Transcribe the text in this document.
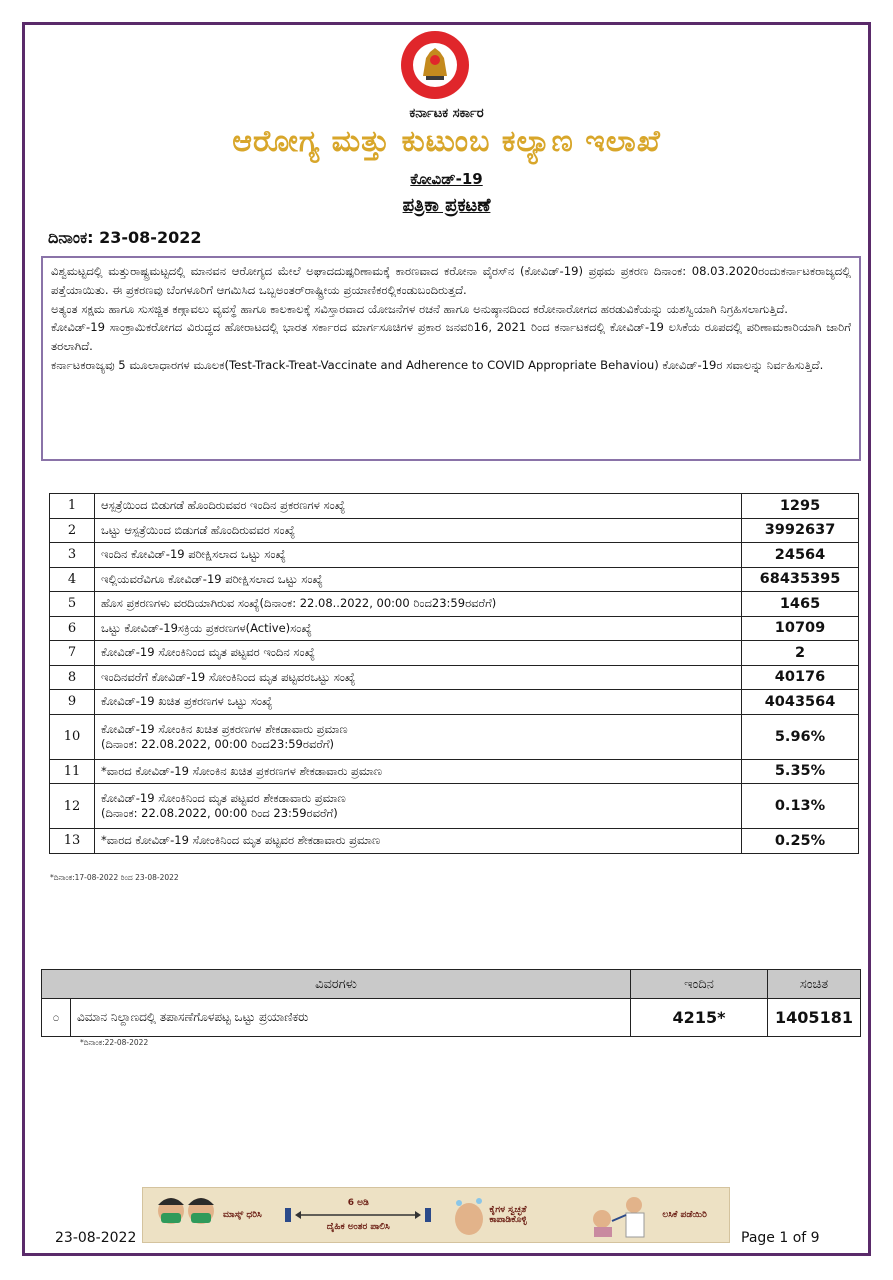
ಕರ್ನಾಟಕ ಸರ್ಕಾರ
ಆರೋಗ್ಯ ಮತ್ತು ಕುಟುಂಬ ಕಲ್ಯಾಣ ಇಲಾಖೆ
ಕೋವಿಡ್-19
ಪತ್ರಿಕಾ ಪ್ರಕಟಣೆ
ದಿನಾಂಕ: 23-08-2022

ವಿಶ್ವಮಟ್ಟದಲ್ಲಿ ಮತ್ತುರಾಷ್ಟ್ರಮಟ್ಟದಲ್ಲಿ ಮಾನವನ ಆರೋಗ್ಯದ ಮೇಲೆ ಅಘಾದದುಷ್ಪರಿಣಾಮಕ್ಕೆ ಕಾರಣವಾದ ಕರೋನಾ ವೈರಸ್‌ನ (ಕೋವಿಡ್-19) ಪ್ರಥಮ ಪ್ರಕರಣ ದಿನಾಂಕ: 08.03.2020ರಂದುಕರ್ನಾಟಕರಾಜ್ಯದಲ್ಲಿ ಪತ್ತೆಯಾಯಿತು. ಈ ಪ್ರಕರಣವು ಬೆಂಗಳೂರಿಗೆ ಆಗಮಿಸಿದ ಒಬ್ಬಅಂತರ್‌ರಾಷ್ಟ್ರೀಯ ಪ್ರಯಾಣಿಕರಲ್ಲಿಕಂಡುಬಂದಿರುತ್ತದೆ.

ಅತ್ಯಂತ ಸಕ್ಷಮ ಹಾಗೂ ಸುಸಜ್ಜಿತ ಕಣ್ಗಾವಲು ವ್ಯವಸ್ಥೆ ಹಾಗೂ ಕಾಲಕಾಲಕ್ಕೆ ಸವಿಸ್ತಾರವಾದ ಯೋಜನೆಗಳ ರಚನೆ ಹಾಗೂ ಅನುಷ್ಠಾನದಿಂದ ಕರೋನಾರೋಗದ ಹರಡುವಿಕೆಯನ್ನು ಯಶಸ್ವಿಯಾಗಿ ನಿಗ್ರಹಿಸಲಾಗುತ್ತಿದೆ.

ಕೋವಿಡ್-19 ಸಾಂಕ್ರಾಮಿಕರೋಗದ ವಿರುದ್ಧದ ಹೋರಾಟದಲ್ಲಿ ಭಾರತ ಸರ್ಕಾರದ ಮಾರ್ಗಸೂಚಿಗಳ ಪ್ರಕಾರ ಜನವರಿ16, 2021 ರಿಂದ ಕರ್ನಾಟಕದಲ್ಲಿ ಕೋವಿಡ್-19 ಲಸಿಕೆಯ ರೂಪದಲ್ಲಿ ಪರಿಣಾಮಕಾರಿಯಾಗಿ ಜಾರಿಗೆ ತರಲಾಗಿದೆ.

ಕರ್ನಾಟಕರಾಜ್ಯವು 5 ಮೂಲಾಧಾರಗಳ ಮೂಲಕ(Test-Track-Treat-Vaccinate and Adherence to COVID Appropriate Behaviou) ಕೋವಿಡ್-19ರ ಸವಾಲನ್ನು ನಿರ್ವಹಿಸುತ್ತಿದೆ.

1	ಆಸ್ಪತ್ರೆಯಿಂದ ಬಿಡುಗಡೆ ಹೊಂದಿರುವವರ ಇಂದಿನ ಪ್ರಕರಣಗಳ ಸಂಖ್ಯೆ	1295
2	ಒಟ್ಟು ಆಸ್ಪತ್ರೆಯಿಂದ ಬಿಡುಗಡೆ ಹೊಂದಿರುವವರ ಸಂಖ್ಯೆ	3992637
3	ಇಂದಿನ ಕೋವಿಡ್-19 ಪರೀಕ್ಷಿಸಲಾದ ಒಟ್ಟು ಸಂಖ್ಯೆ	24564
4	ಇಲ್ಲಿಯವರೆವಿಗೂ ಕೋವಿಡ್-19 ಪರೀಕ್ಷಿಸಲಾದ ಒಟ್ಟು ಸಂಖ್ಯೆ	68435395
5	ಹೊಸ ಪ್ರಕರಣಗಳು ವರದಿಯಾಗಿರುವ ಸಂಖ್ಯೆ(ದಿನಾಂಕ: 22.08..2022, 00:00 ರಿಂದ23:59ರವರೆಗೆ)	1465
6	ಒಟ್ಟು ಕೋವಿಡ್-19ಸಕ್ರಿಯ ಪ್ರಕರಣಗಳ(Active)ಸಂಖ್ಯೆ	10709
7	ಕೋವಿಡ್-19 ಸೋಂಕಿನಿಂದ ಮೃತ ಪಟ್ಟವರ ಇಂದಿನ ಸಂಖ್ಯೆ	2
8	ಇಂದಿನವರೆಗೆ ಕೋವಿಡ್-19 ಸೋಂಕಿನಿಂದ ಮೃತ ಪಟ್ಟವರಒಟ್ಟು ಸಂಖ್ಯೆ	40176
9	ಕೋವಿಡ್-19 ಖಚಿತ ಪ್ರಕರಣಗಳ ಒಟ್ಟು ಸಂಖ್ಯೆ	4043564
10	ಕೋವಿಡ್-19 ಸೋಂಕಿನ ಖಚಿತ ಪ್ರಕರಣಗಳ ಶೇಕಡಾವಾರು ಪ್ರಮಾಣ
(ದಿನಾಂಕ: 22.08.2022, 00:00 ರಿಂದ23:59ರವರೆಗೆ)	5.96%
11	*ವಾರದ ಕೋವಿಡ್-19 ಸೋಂಕಿನ ಖಚಿತ ಪ್ರಕರಣಗಳ ಶೇಕಡಾವಾರು ಪ್ರಮಾಣ	5.35%
12	ಕೋವಿಡ್-19 ಸೋಂಕಿನಿಂದ ಮೃತ ಪಟ್ಟವರ ಶೇಕಡಾವಾರು ಪ್ರಮಾಣ
(ದಿನಾಂಕ: 22.08.2022, 00:00 ರಿಂದ 23:59ರವರೆಗೆ)	0.13%
13	*ವಾರದ ಕೋವಿಡ್-19 ಸೋಂಕಿನಿಂದ ಮೃತ ಪಟ್ಟವರ ಶೇಕಡಾವಾರು ಪ್ರಮಾಣ	0.25%
*ದಿನಾಂಕ:17-08-2022 ರಿಂದ 23-08-2022
ವಿವರಗಳು		ಇಂದಿನ	ಸಂಚಿತ
೦	ವಿಮಾನ ನಿಲ್ದಾಣದಲ್ಲಿ ತಪಾಸಣೆಗೊಳಪಟ್ಟ ಒಟ್ಟು ಪ್ರಯಾಣಿಕರು	4215*	1405181
*ದಿನಾಂಕ:22-08-2022
ಮಾಸ್ಕ್ ಧರಿಸಿ
6 ಅಡಿ
ದೈಹಿಕ ಅಂತರ ಪಾಲಿಸಿ
ಕೈಗಳ ಸ್ವಚ್ಛತೆ ಕಾಪಾಡಿಕೊಳ್ಳಿ	ಲಸಿಕೆ ಪಡೆಯಿರಿ
23-08-2022	Page 1 of 9
